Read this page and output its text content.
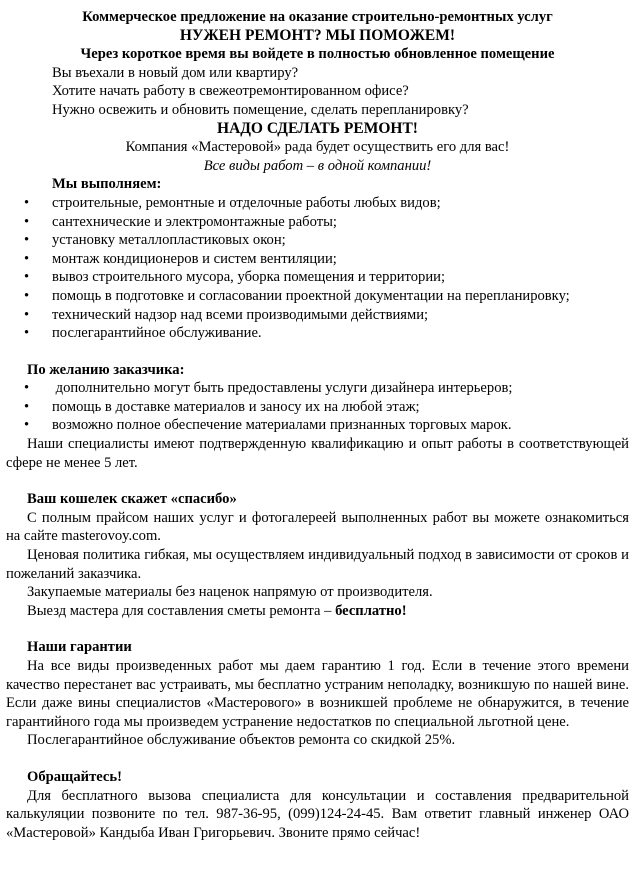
Коммерческое предложение на оказание строительно-ремонтных услуг
НУЖЕН РЕМОНТ? МЫ ПОМОЖЕМ!
Через короткое время вы войдете в полностью обновленное помещение
Вы въехали в новый дом или квартиру?
Хотите начать работу в свежеотремонтированном офисе?
Нужно освежить и обновить помещение, сделать перепланировку?
НАДО СДЕЛАТЬ РЕМОНТ!
Компания «Мастеровой» рада будет осуществить его для вас!
Все виды работ – в одной компании!
Мы выполняем:
• строительные, ремонтные и отделочные работы любых видов;
• сантехнические и электромонтажные работы;
• установку металлопластиковых окон;
• монтаж кондиционеров и систем вентиляции;
• вывоз строительного мусора, уборка помещения и территории;
• помощь в подготовке и согласовании проектной документации на перепланировку;
• технический надзор над всеми производимыми действиями;
• послегарантийное обслуживание.
По желанию заказчика:
•  дополнительно могут быть предоставлены услуги дизайнера интерьеров;
• помощь в доставке материалов и заносу их на любой этаж;
• возможно полное обеспечение материалами признанных торговых марок.
Наши специалисты имеют подтвержденную квалификацию и опыт работы в соответствующей сфере не менее 5 лет.
Ваш кошелек скажет «спасибо»
С полным прайсом наших услуг и фотогалереей выполненных работ вы можете ознакомиться на сайте masterovoy.com.
Ценовая политика гибкая, мы осуществляем индивидуальный подход в зависимости от сроков и пожеланий заказчика.
Закупаемые материалы без наценок напрямую от производителя.
Выезд мастера для составления сметы ремонта – бесплатно!
Наши гарантии
На все виды произведенных работ мы даем гарантию 1 год. Если в течение этого времени качество перестанет вас устраивать, мы бесплатно устраним неполадку, возникшую по нашей вине. Если даже вины специалистов «Мастерового» в возникшей проблеме не обнаружится, в течение гарантийного года мы произведем устранение недостатков по специальной льготной цене.
Послегарантийное обслуживание объектов ремонта со скидкой 25%.
Обращайтесь!
Для бесплатного вызова специалиста для консультации и составления предварительной калькуляции позвоните по тел. 987-36-95, (099)124-24-45. Вам ответит главный инженер ОАО «Мастеровой» Кандыба Иван Григорьевич. Звоните прямо сейчас!
